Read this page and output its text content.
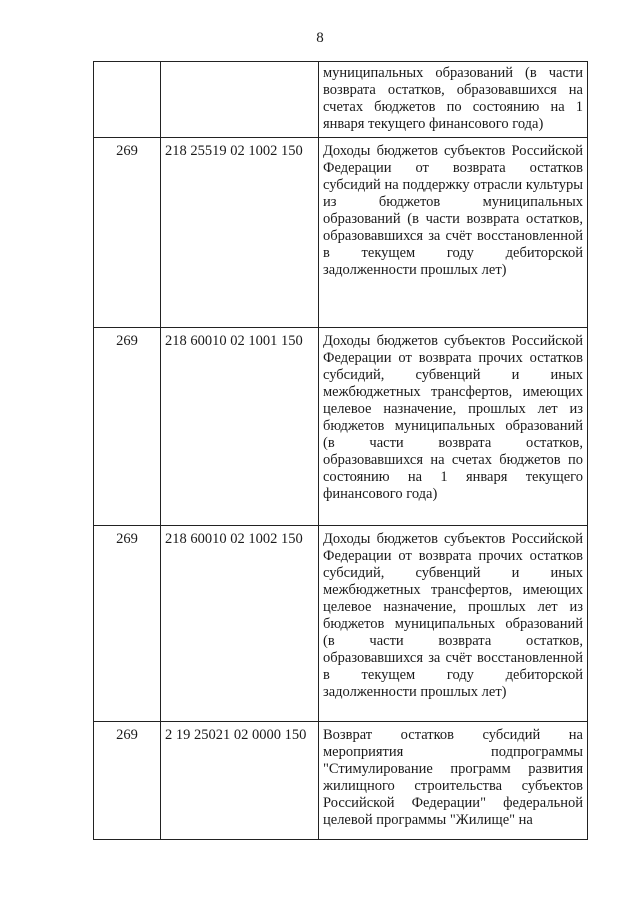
8
		муниципальных образований (в части возврата остатков, образовавшихся на счетах бюджетов по состоянию на 1 января текущего финансового года)
269	218 25519 02 1002 150	Доходы бюджетов субъектов Российской Федерации от возврата остатков субсидий на поддержку отрасли культуры из бюджетов муниципальных образований (в части возврата остатков, образовавшихся за счёт восстановленной в текущем году дебиторской задолженности прошлых лет)
269	218 60010 02 1001 150	Доходы бюджетов субъектов Российской Федерации от возврата прочих остатков субсидий, субвенций и иных межбюджетных трансфертов, имеющих целевое назначение, прошлых лет из бюджетов муниципальных образований (в части возврата остатков, образовавшихся на счетах бюджетов по состоянию на 1 января текущего финансового года)
269	218 60010 02 1002 150	Доходы бюджетов субъектов Российской Федерации от возврата прочих остатков субсидий, субвенций и иных межбюджетных трансфертов, имеющих целевое назначение, прошлых лет из бюджетов муниципальных образований (в части возврата остатков, образовавшихся за счёт восстановленной в текущем году дебиторской задолженности прошлых лет)
269	2 19 25021 02 0000 150	Возврат остатков субсидий на мероприятия подпрограммы "Стимулирование программ развития жилищного строительства субъектов Российской Федерации" федеральной целевой программы "Жилище" на
